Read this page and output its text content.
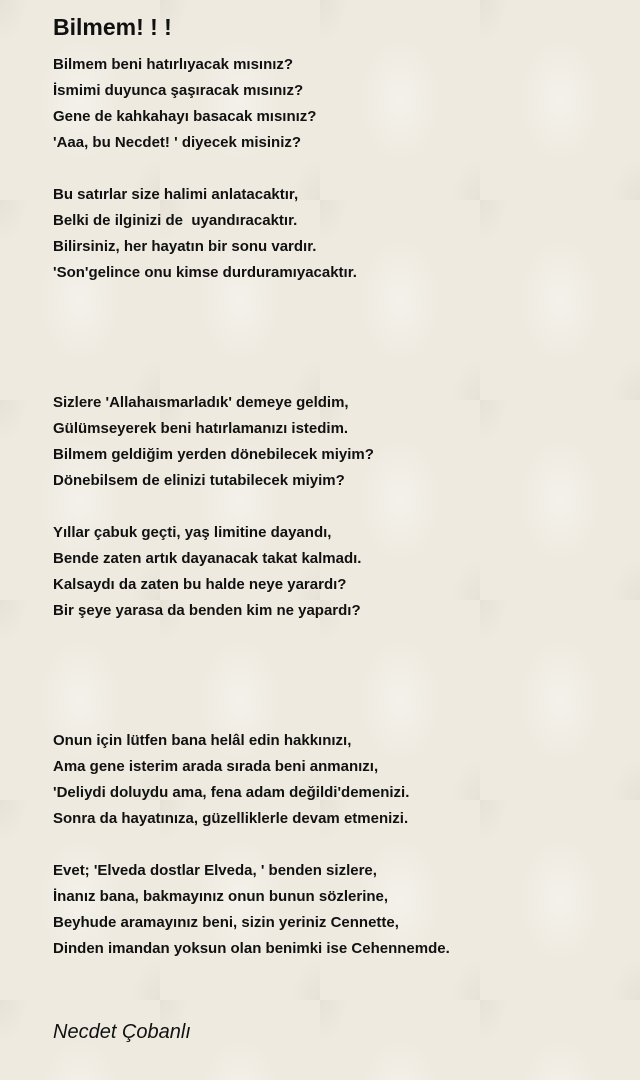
Bilmem! ! !
Bilmem beni hatırlıyacak mısınız?
İsmimi duyunca şaşıracak mısınız?
Gene de kahkahayı basacak mısınız?
'Aaa, bu Necdet! ' diyecek misiniz?
Bu satırlar size halimi anlatacaktır,
Belki de ilginizi de  uyandıracaktır.
Bilirsiniz, her hayatın bir sonu vardır.
'Son'gelince onu kimse durduramıyacaktır.
Sizlere 'Allahaısmarladık' demeye geldim,
Gülümseyerek beni hatırlamanızı istedim.
Bilmem geldiğim yerden dönebilecek miyim?
Dönebilsem de elinizi tutabilecek miyim?
Yıllar çabuk geçti, yaş limitine dayandı,
Bende zaten artık dayanacak takat kalmadı.
Kalsaydı da zaten bu halde neye yarardı?
Bir şeye yarasa da benden kim ne yapardı?
Onun için lütfen bana helâl edin hakkınızı,
Ama gene isterim arada sırada beni anmanızı,
'Deliydi doluydu ama, fena adam değildi'demenizi.
Sonra da hayatınıza, güzelliklerle devam etmenizi.
Evet; 'Elveda dostlar Elveda, ' benden sizlere,
İnanız bana, bakmayınız onun bunun sözlerine,
Beyhude aramayınız beni, sizin yeriniz Cennette,
Dinden imandan yoksun olan benimki ise Cehennemde.

Necdet Çobanlı
